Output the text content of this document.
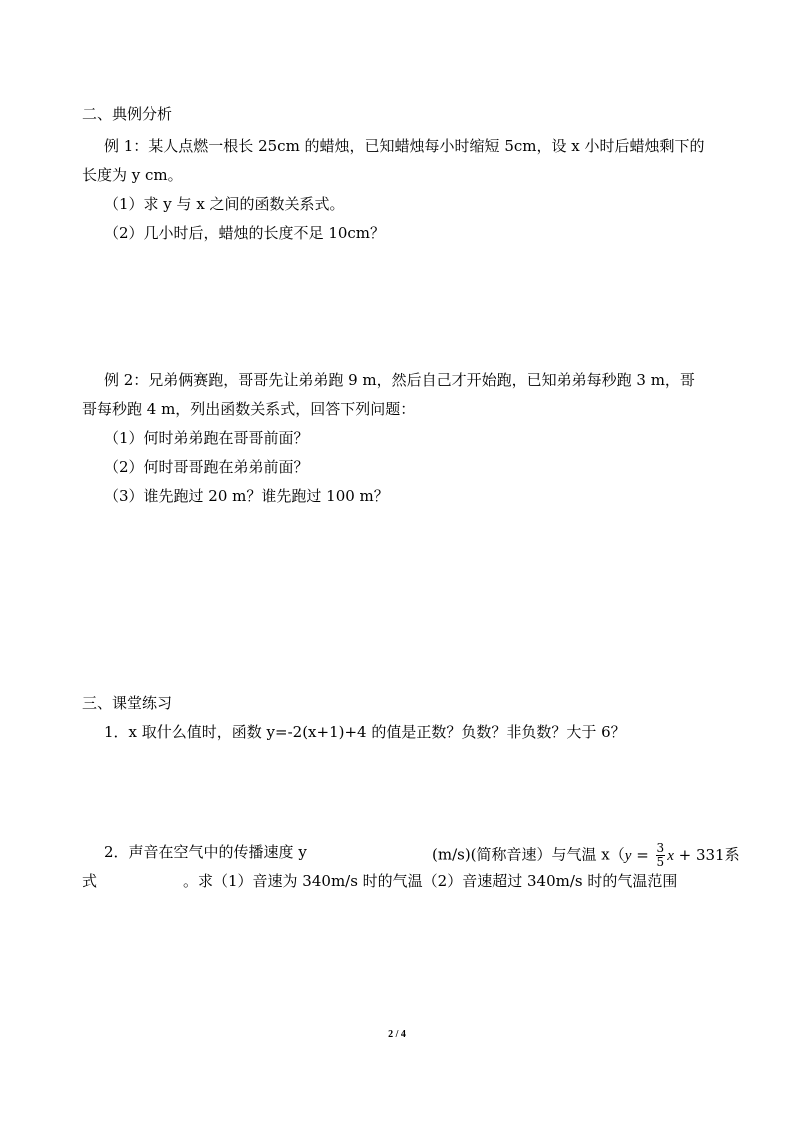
二、典例分析
例 1：某人点燃一根长 25cm 的蜡烛，已知蜡烛每小时缩短 5cm，设 x 小时后蜡烛剩下的
长度为 y cm。
（1）求 y 与 x 之间的函数关系式。
（2）几小时后，蜡烛的长度不足 10cm？
例 2：兄弟俩赛跑，哥哥先让弟弟跑 9 m，然后自己才开始跑，已知弟弟每秒跑 3 m，哥
哥每秒跑 4 m，列出函数关系式，回答下列问题：
（1）何时弟弟跑在哥哥前面？
（2）何时哥哥跑在弟弟前面？
（3）谁先跑过 20 m？谁先跑过 100 m？
三、课堂练习
1．x 取什么值时，函数 y=-2(x+1)+4 的值是正数？负数？非负数？大于 6？
2．声音在空气中的传播速度 y	(m/s)(简称音速）与气温 $x(y = \frac{3}{5}$ x + 331系
式	。求（1）音速为 340m/s 时的气温（2）音速超过 340m/s 时的气温范围
2 / 4
